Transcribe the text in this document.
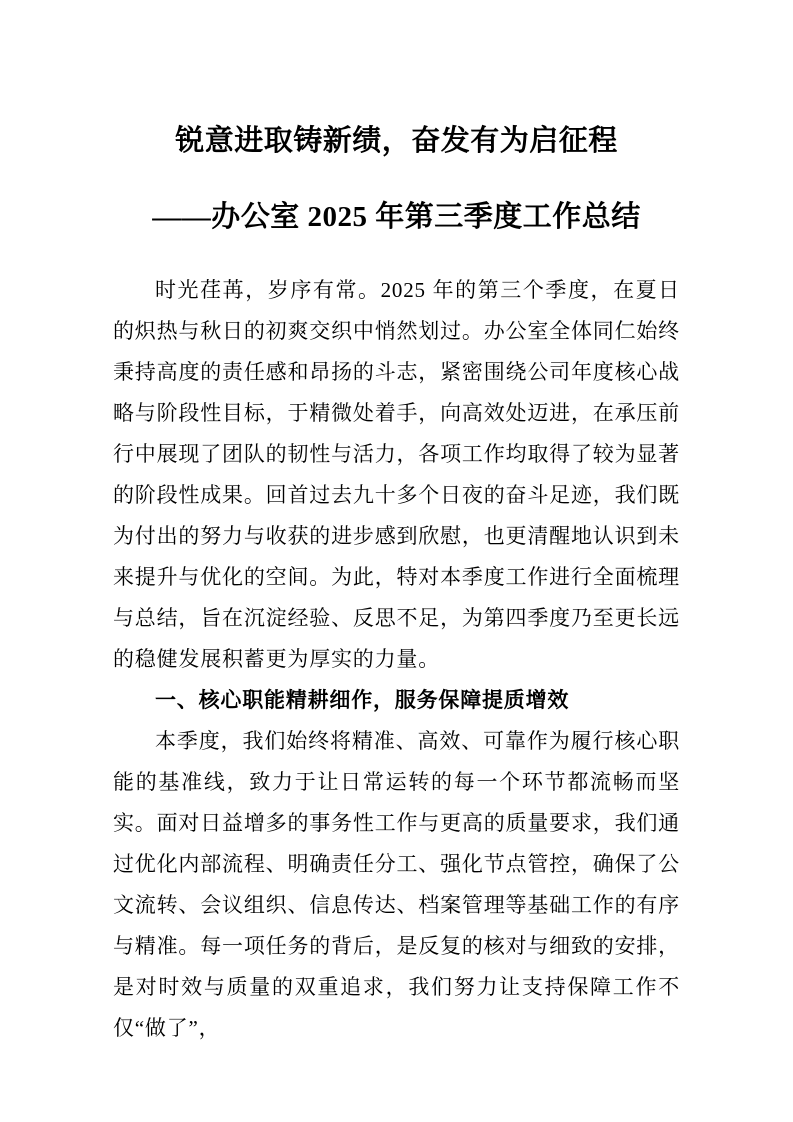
锐意进取铸新绩，奋发有为启征程
——办公室 2025 年第三季度工作总结

时光荏苒，岁序有常。2025 年的第三个季度，在夏日的炽热与秋日的初爽交织中悄然划过。办公室全体同仁始终秉持高度的责任感和昂扬的斗志，紧密围绕公司年度核心战略与阶段性目标，于精微处着手，向高效处迈进，在承压前行中展现了团队的韧性与活力，各项工作均取得了较为显著的阶段性成果。回首过去九十多个日夜的奋斗足迹，我们既为付出的努力与收获的进步感到欣慰，也更清醒地认识到未来提升与优化的空间。为此，特对本季度工作进行全面梳理与总结，旨在沉淀经验、反思不足，为第四季度乃至更长远的稳健发展积蓄更为厚实的力量。

一、核心职能精耕细作，服务保障提质增效

本季度，我们始终将精准、高效、可靠作为履行核心职能的基准线，致力于让日常运转的每一个环节都流畅而坚实。面对日益增多的事务性工作与更高的质量要求，我们通过优化内部流程、明确责任分工、强化节点管控，确保了公文流转、会议组织、信息传达、档案管理等基础工作的有序与精准。每一项任务的背后，是反复的核对与细致的安排，是对时效与质量的双重追求，我们努力让支持保障工作不仅“做了”，
